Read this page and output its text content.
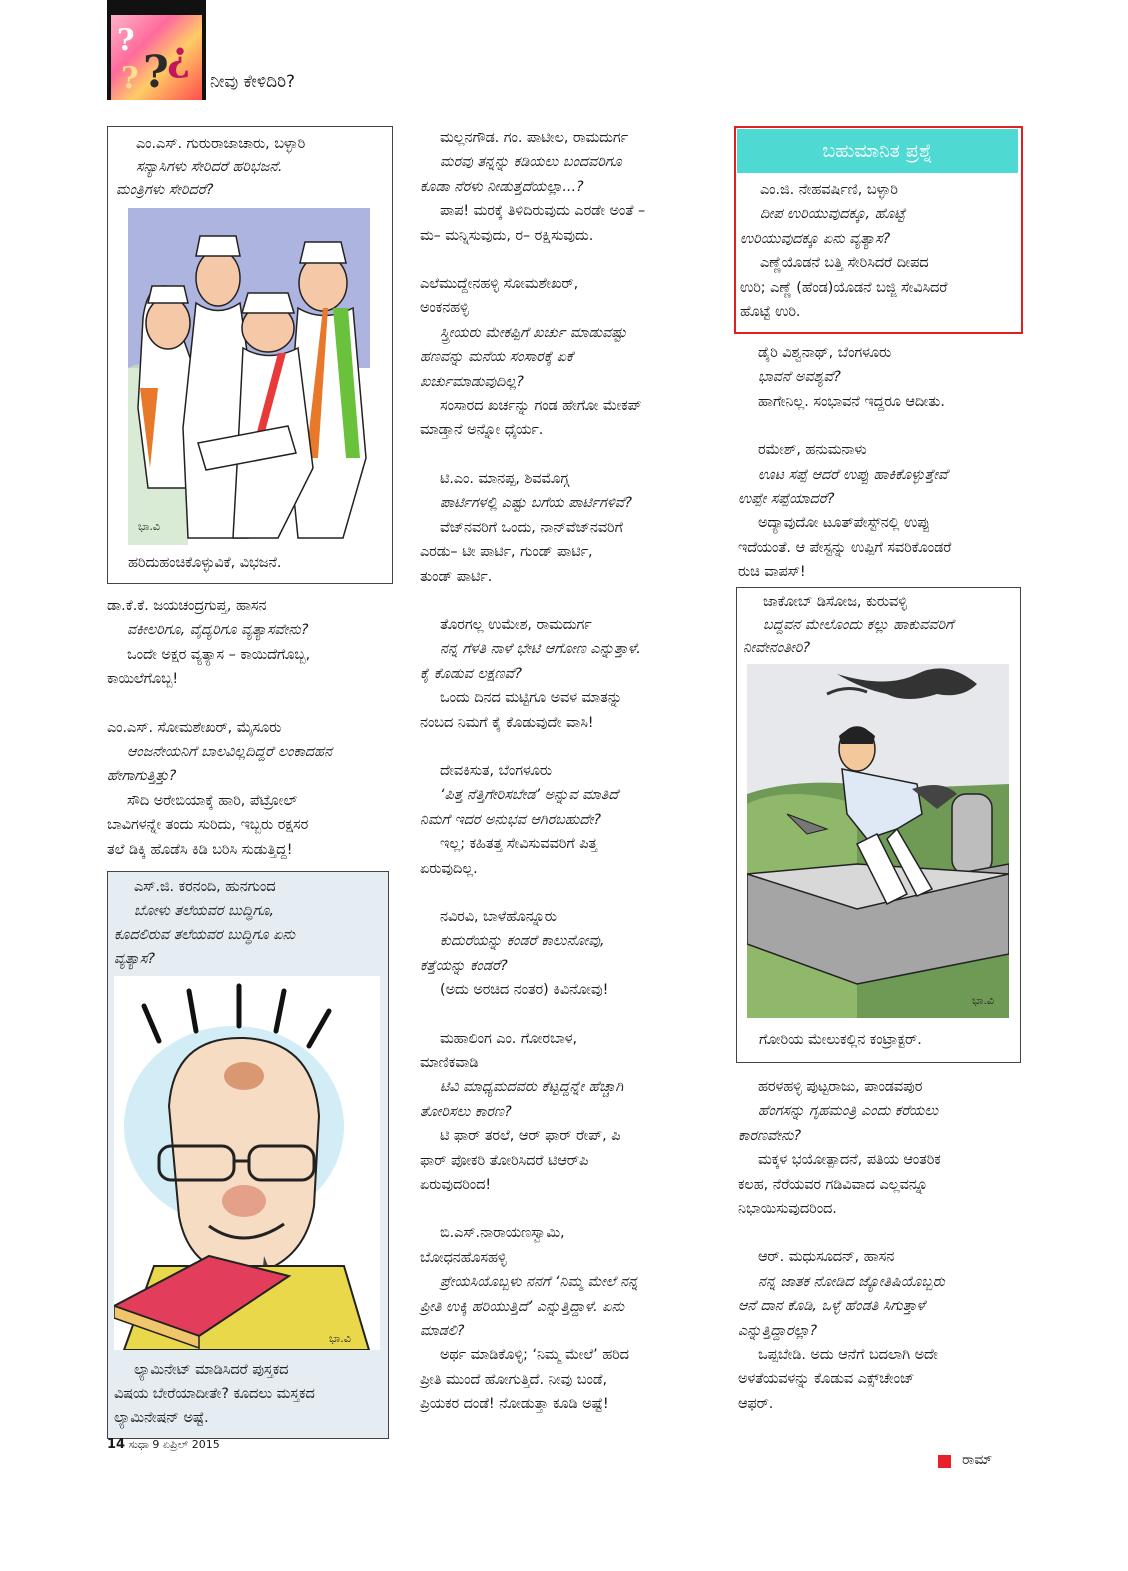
?
?
¿
?	ನೀವು ಕೇಳಿದಿರಿ?

ಎಂ.ಎಸ್. ಗುರುರಾಜಾಚಾರು, ಬಳ್ಳಾರಿ

ಸನ್ಯಾಸಿಗಳು ಸೇರಿದರೆ ಹರಿಭಜನೆ.

ಮಂತ್ರಿಗಳು ಸೇರಿದರೆ?

ಭಾ.ವಿ
ಹರಿದುಹಂಚಿಕೊಳ್ಳುವಿಕೆ, ವಿಭಜನೆ.

ಡಾ.ಕೆ.ಕೆ. ಜಯಚಂದ್ರಗುಪ್ತ, ಹಾಸನ

ವಕೀಲರಿಗೂ, ವೈದ್ಯರಿಗೂ ವ್ಯತ್ಯಾಸವೇನು?

ಒಂದೇ ಅಕ್ಷರ ವ್ಯತ್ಯಾಸ – ಕಾಯಿದೆಗೊಬ್ಬ,

ಕಾಯಿಲೆಗೊಬ್ಬ!

ಎಂ.ಎಸ್. ಸೋಮಶೇಖರ್, ಮೈಸೂರು

ಆಂಜನೇಯನಿಗೆ ಬಾಲವಿಲ್ಲದಿದ್ದರೆ ಲಂಕಾದಹನ

ಹೇಗಾಗುತ್ತಿತ್ತು?

ಸೌದಿ ಅರೇಬಿಯಾಕ್ಕೆ ಹಾರಿ, ಪೆಟ್ರೋಲ್

ಬಾವಿಗಳನ್ನೇ ತಂದು ಸುರಿದು, ಇಬ್ಬರು ರಕ್ಷಸರ

ತಲೆ ಡಿಕ್ಕಿ ಹೊಡೆಸಿ ಕಿಡಿ ಬರಿಸಿ ಸುಡುತ್ತಿದ್ದ!

ಎಸ್.ಜಿ. ಕರನಂದಿ, ಹುನಗುಂದ

ಬೋಳು ತಲೆಯವರ ಬುದ್ಧಿಗೂ,

ಕೂದಲಿರುವ ತಲೆಯವರ ಬುದ್ಧಿಗೂ ಏನು

ವ್ಯತ್ಯಾಸ?

ಭಾ.ವಿ

ಲ್ಯಾಮಿನೇಟ್ ಮಾಡಿಸಿದರೆ ಪುಸ್ತಕದ

ವಿಷಯ ಬೇರೆಯಾದೀತೇ? ಕೂದಲು ಮಸ್ತಕದ

ಲ್ಯಾಮಿನೇಷನ್ ಅಷ್ಟೆ.

ಮಲ್ಲನಗೌಡ. ಗಂ. ಪಾಟೀಲ, ರಾಮದುರ್ಗ

ಮರವು ತನ್ನನ್ನು ಕಡಿಯಲು ಬಂದವರಿಗೂ

ಕೂಡಾ ನೆರಳು ನೀಡುತ್ತದೆಯಲ್ಲಾ...?

ಪಾಪ! ಮರಕ್ಕೆ ತಿಳಿದಿರುವುದು ಎರಡೇ ಅಂತೆ –

ಮ– ಮನ್ನಿಸುವುದು, ರ– ರಕ್ಷಿಸುವುದು.

ಎಲೆಮುದ್ದೇನಹಳ್ಳಿ ಸೋಮಶೇಖರ್,

ಅಂಕನಹಳ್ಳಿ

ಸ್ತ್ರೀಯರು ಮೇಕಪ್ಪಿಗೆ ಖರ್ಚು ಮಾಡುವಷ್ಟು

ಹಣವನ್ನು ಮನೆಯ ಸಂಸಾರಕ್ಕೆ ಏಕೆ

ಖರ್ಚುಮಾಡುವುದಿಲ್ಲ?

ಸಂಸಾರದ ಖರ್ಚನ್ನು ಗಂಡ ಹೇಗೋ ಮೇಕಪ್

ಮಾಡ್ತಾನೆ ಅನ್ನೋ ಧೈರ್ಯ.

ಟಿ.ಎಂ. ಮಾನಪ್ಪ, ಶಿವಮೊಗ್ಗ

ಪಾರ್ಟಿಗಳಲ್ಲಿ ಎಷ್ಟು ಬಗೆಯ ಪಾರ್ಟಿಗಳಿವೆ?

ವೆಜ್‌ನವರಿಗೆ ಒಂದು, ನಾನ್‌ವೆಜ್‌ನವರಿಗೆ

ಎರಡು– ಟೀ ಪಾರ್ಟಿ, ಗುಂಡ್ ಪಾರ್ಟಿ,

ತುಂಡ್ ಪಾರ್ಟಿ.

ತೊರಗಲ್ಲ ಉಮೇಶ, ರಾಮದುರ್ಗ

ನನ್ನ ಗೆಳತಿ ನಾಳೆ ಭೇಟಿ ಆಗೋಣ ಎನ್ನುತ್ತಾಳೆ.

ಕೈ ಕೊಡುವ ಲಕ್ಷಣವೆ?

ಒಂದು ದಿನದ ಮಟ್ಟಿಗೂ ಅವಳ ಮಾತನ್ನು

ನಂಬದ ನಿಮಗೆ ಕೈ ಕೊಡುವುದೇ ವಾಸಿ!

ದೇವಕಿಸುತ, ಬೆಂಗಳೂರು

‘ಪಿತ್ತ ನೆತ್ತಿಗೇರಿಸಬೇಡ’ ಅನ್ನುವ ಮಾತಿದೆ

ನಿಮಗೆ ಇದರ ಅನುಭವ ಆಗಿರಬಹುದೇ?

ಇಲ್ಲ; ಕಹಿತತ್ತ ಸೇವಿಸುವವರಿಗೆ ಪಿತ್ತ

ಏರುವುದಿಲ್ಲ.

ನವಿರವಿ, ಬಾಳೆಹೊನ್ನೂರು

ಕುದುರೆಯನ್ನು ಕಂಡರೆ ಕಾಲುನೋವು,

ಕತ್ತೆಯನ್ನು ಕಂಡರೆ?

(ಅದು ಅರಚಿದ ನಂತರ) ಕಿವಿನೋವು!

ಮಹಾಲಿಂಗ ಎಂ. ಗೋರಬಾಳ,

ಮಾಣಿಕವಾಡಿ

ಟಿವಿ ಮಾಧ್ಯಮದವರು ಕೆಟ್ಟದ್ದನ್ನೇ ಹೆಚ್ಚಾಗಿ

ತೋರಿಸಲು ಕಾರಣ?

ಟಿ ಫಾರ್ ತರಲೆ, ಆರ್ ಫಾರ್ ರೇಪ್, ಪಿ

ಫಾರ್ ಪೋಕರಿ ತೋರಿಸಿದರೆ ಟಿಆರ್‌ಪಿ

ಏರುವುದರಿಂದ!

ಬಿ.ಎಸ್.ನಾರಾಯಣಸ್ವಾಮಿ,

ಬೋಧನಹೊಸಹಳ್ಳಿ

ಪ್ರೇಯಸಿಯೊಬ್ಬಳು ನನಗೆ ‘ನಿಮ್ಮ ಮೇಲೆ ನನ್ನ

ಪ್ರೀತಿ ಉಕ್ಕಿ ಹರಿಯುತ್ತಿದೆ’ ಎನ್ನುತ್ತಿದ್ದಾಳೆ. ಏನು

ಮಾಡಲಿ?

ಅರ್ಥ ಮಾಡಿಕೊಳ್ಳಿ; ‘ನಿಮ್ಮ ಮೇಲೆ’ ಹರಿದ

ಪ್ರೀತಿ ಮುಂದೆ ಹೋಗುತ್ತಿದೆ. ನೀವು ಬಂಡೆ,

ಪ್ರಿಯಕರ ದಂಡೆ! ನೋಡುತ್ತಾ ಕೂಡಿ ಅಷ್ಟೆ!

ಬಹುಮಾನಿತ ಪ್ರಶ್ನೆ

ಎಂ.ಜಿ. ನೇಹವರ್ಷಿಣಿ, ಬಳ್ಳಾರಿ

ದೀಪ ಉರಿಯುವುದಕ್ಕೂ, ಹೊಟ್ಟೆ

ಉರಿಯುವುದಕ್ಕೂ ಏನು ವ್ಯತ್ಯಾಸ?

ಎಣ್ಣೆಯೊಡನೆ ಬತ್ತಿ ಸೇರಿಸಿದರೆ ದೀಪದ

ಉರಿ; ಎಣ್ಣೆ (ಹೆಂಡ)ಯೊಡನೆ ಬಜ್ಜಿ ಸೇವಿಸಿದರೆ

ಹೊಟ್ಟೆ ಉರಿ.

ಡೈರಿ ವಿಶ್ವನಾಥ್, ಬೆಂಗಳೂರು

ಭಾವನೆ ಅವಶ್ಯವೆ?

ಹಾಗೇನಿಲ್ಲ. ಸಂಭಾವನೆ ಇದ್ದರೂ ಆದೀತು.

ರಮೇಶ್, ಹನುಮನಾಳು

ಊಟ ಸಪ್ಪೆ ಆದರೆ ಉಪ್ಪು ಹಾಕಿಕೊಳ್ಳುತ್ತೇವೆ

ಉಪ್ಪೇ ಸಪ್ಪೆಯಾದರೆ?

ಅದ್ಯಾವುದೋ ಟೂತ್‌ಪೇಸ್ಟ್‌ನಲ್ಲಿ ಉಪ್ಪು

ಇದೆಯಂತೆ. ಆ ಪೇಸ್ಟನ್ನು ಉಪ್ಪಿಗೆ ಸವರಿಕೊಂಡರೆ

ರುಚಿ ವಾಪಸ್!

ಜಾಕೋಬ್ ಡಿಸೋಜ, ಕುರುವಳ್ಳಿ

ಬದ್ದವನ ಮೇಲೊಂದು ಕಲ್ಲು ಹಾಕುವವರಿಗೆ

ನೀವೇನಂತೀರಿ?

ಭಾ.ವಿ
ಗೋರಿಯ ಮೇಲುಕಲ್ಲಿನ ಕಂಟ್ರಾಕ್ಟರ್.

ಹರಳಹಳ್ಳಿ ಪುಟ್ಟರಾಜು, ಪಾಂಡವಪುರ

ಹೆಂಗಸನ್ನು ಗೃಹಮಂತ್ರಿ ಎಂದು ಕರೆಯಲು

ಕಾರಣವೇನು?

ಮಕ್ಕಳ ಭಯೋತ್ಪಾದನೆ, ಪತಿಯ ಆಂತರಿಕ

ಕಲಹ, ನೆರೆಯವರ ಗಡಿವಿವಾದ ಎಲ್ಲವನ್ನೂ

ನಿಭಾಯಿಸುವುದರಿಂದ.

ಆರ್. ಮಧುಸೂದನ್, ಹಾಸನ

ನನ್ನ ಜಾತಕ ನೋಡಿದ ಜ್ಯೋತಿಷಿಯೊಬ್ಬರು

ಆನೆ ದಾನ ಕೊಡಿ, ಒಳ್ಳೆ ಹೆಂಡತಿ ಸಿಗುತ್ತಾಳೆ

ಎನ್ನುತ್ತಿದ್ದಾರಲ್ಲಾ?

ಒಪ್ಪಬೇಡಿ. ಅದು ಆನೆಗೆ ಬದಲಾಗಿ ಅದೇ

ಅಳತೆಯವಳನ್ನು ಕೊಡುವ ಎಕ್ಸ್‌ಚೇಂಜ್

ಆಫರ್.

14 ಸುಧಾ 9 ಏಪ್ರಿಲ್ 2015
ರಾಮ್
